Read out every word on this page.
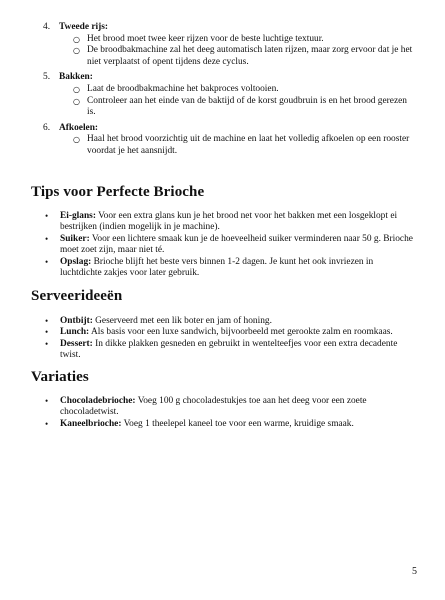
4. Tweede rijs:
○ Het brood moet twee keer rijzen voor de beste luchtige textuur.
○ De broodbakmachine zal het deeg automatisch laten rijzen, maar zorg ervoor dat je het niet verplaatst of opent tijdens deze cyclus.
5. Bakken:
○ Laat de broodbakmachine het bakproces voltooien.
○ Controleer aan het einde van de baktijd of de korst goudbruin is en het brood gerezen is.
6. Afkoelen:
○ Haal het brood voorzichtig uit de machine en laat het volledig afkoelen op een rooster voordat je het aansnijdt.
Tips voor Perfecte Brioche
•	Ei-glans: Voor een extra glans kun je het brood net voor het bakken met een losgeklopt ei bestrijken (indien mogelijk in je machine).
•	Suiker: Voor een lichtere smaak kun je de hoeveelheid suiker verminderen naar 50 g. Brioche moet zoet zijn, maar niet té.
•	Opslag: Brioche blijft het beste vers binnen 1-2 dagen. Je kunt het ook invriezen in luchtdichte zakjes voor later gebruik.
Serveerideeën
•	Ontbijt: Geserveerd met een lik boter en jam of honing.
•	Lunch: Als basis voor een luxe sandwich, bijvoorbeeld met gerookte zalm en roomkaas.
•	Dessert: In dikke plakken gesneden en gebruikt in wentelteefjes voor een extra decadente twist.
Variaties
•	Chocoladebrioche: Voeg 100 g chocoladestukjes toe aan het deeg voor een zoete chocoladetwist.
•	Kaneelbrioche: Voeg 1 theelepel kaneel toe voor een warme, kruidige smaak.
5
